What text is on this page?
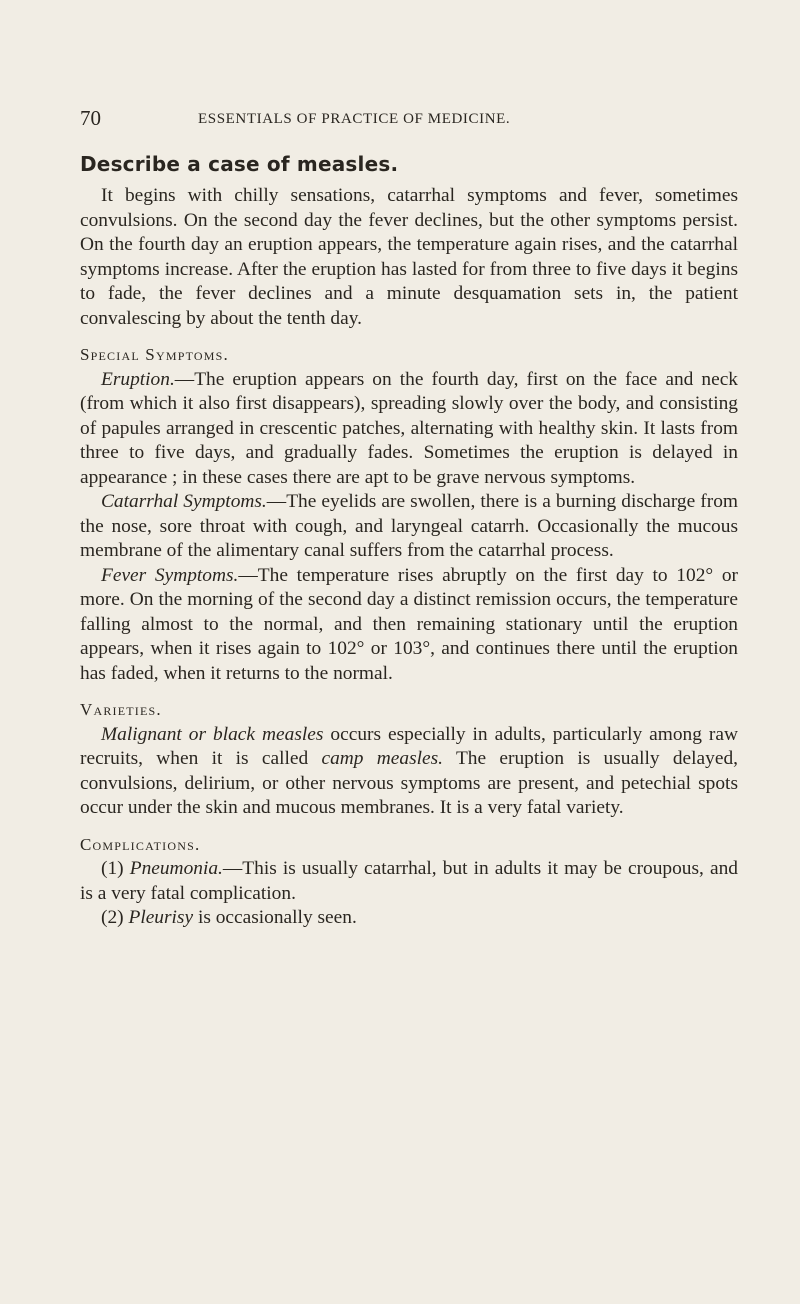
70	ESSENTIALS OF PRACTICE OF MEDICINE.
Describe a case of measles.

It begins with chilly sensations, catarrhal symptoms and fever, sometimes convulsions. On the second day the fever declines, but the other symptoms persist. On the fourth day an eruption appears, the temperature again rises, and the catarrhal symptoms increase. After the eruption has lasted for from three to five days it begins to fade, the fever declines and a minute desquamation sets in, the patient convalescing by about the tenth day.

Special Symptoms.

Eruption.—The eruption appears on the fourth day, first on the face and neck (from which it also first disappears), spreading slowly over the body, and consisting of papules arranged in crescentic patches, alternating with healthy skin. It lasts from three to five days, and gradually fades. Sometimes the eruption is delayed in appearance ; in these cases there are apt to be grave nervous symptoms.

Catarrhal Symptoms.—The eyelids are swollen, there is a burning discharge from the nose, sore throat with cough, and laryngeal catarrh. Occasionally the mucous membrane of the alimentary canal suffers from the catarrhal process.

Fever Symptoms.—The temperature rises abruptly on the first day to 102° or more. On the morning of the second day a distinct remission occurs, the temperature falling almost to the normal, and then remaining stationary until the eruption appears, when it rises again to 102° or 103°, and continues there until the eruption has faded, when it returns to the normal.

Varieties.

Malignant or black measles occurs especially in adults, particularly among raw recruits, when it is called camp measles. The eruption is usually delayed, convulsions, delirium, or other nervous symptoms are present, and petechial spots occur under the skin and mucous membranes. It is a very fatal variety.

Complications.

(1) Pneumonia.—This is usually catarrhal, but in adults it may be croupous, and is a very fatal complication.

(2) Pleurisy is occasionally seen.
